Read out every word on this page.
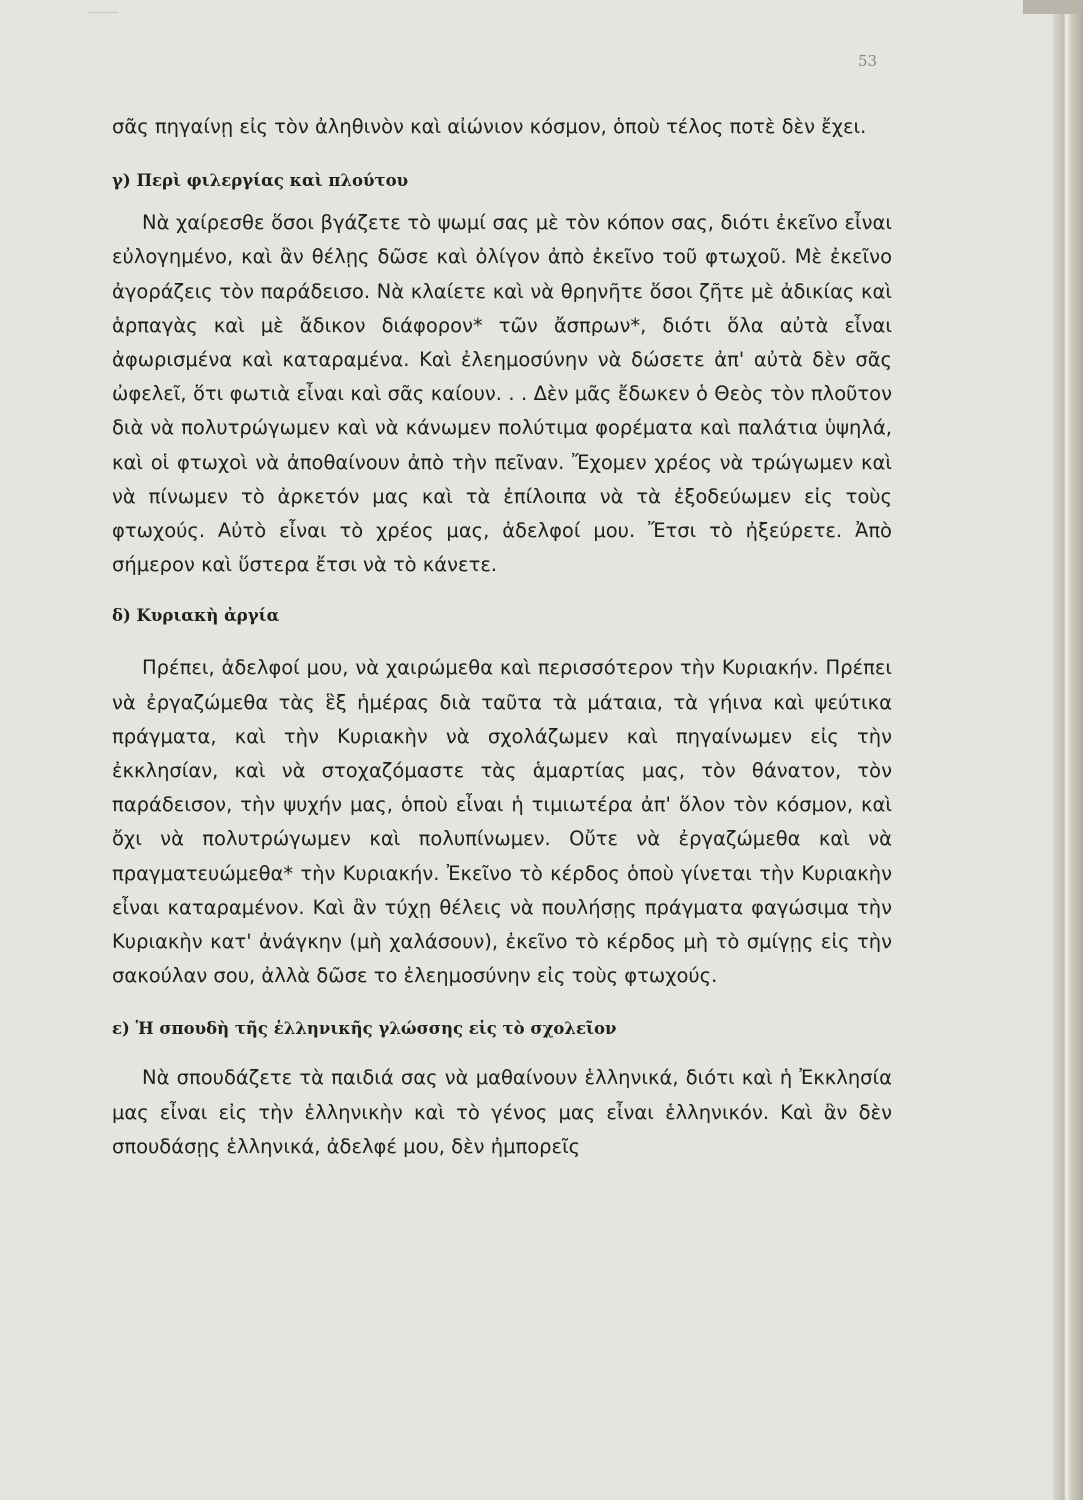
53

σᾶς πηγαίνῃ εἰς τὸν ἀληθινὸν καὶ αἰώνιον κόσμον, ὁποὺ τέλος ποτὲ δὲν ἔχει.

γ) Περὶ φιλεργίας καὶ πλούτου

Νὰ χαίρεσθε ὅσοι βγάζετε τὸ ψωμί σας μὲ τὸν κόπον σας, διότι ἐκεῖνο εἶναι εὐλογημένο, καὶ ἂν θέλῃς δῶσε καὶ ὀλίγον ἀπὸ ἐκεῖνο τοῦ φτωχοῦ. Μὲ ἐκεῖνο ἀγοράζεις τὸν παράδεισο. Νὰ κλαίετε καὶ νὰ θρηνῆτε ὅσοι ζῆτε μὲ ἀδικίας καὶ ἁρπαγὰς καὶ μὲ ἄδικον διάφορον* τῶν ἄσπρων*, διότι ὅλα αὐτὰ εἶναι ἀφωρισμένα καὶ καταραμένα. Καὶ ἐλεημοσύνην νὰ δώσετε ἀπ' αὐτὰ δὲν σᾶς ὠφελεῖ, ὅτι φωτιὰ εἶναι καὶ σᾶς καίουν. . . Δὲν μᾶς ἔδωκεν ὁ Θεὸς τὸν πλοῦτον διὰ νὰ πολυτρώγωμεν καὶ νὰ κάνωμεν πολύτιμα φορέματα καὶ παλάτια ὑψηλά, καὶ οἱ φτωχοὶ νὰ ἀποθαίνουν ἀπὸ τὴν πεῖναν. Ἔχομεν χρέος νὰ τρώγωμεν καὶ νὰ πίνωμεν τὸ ἀρκετόν μας καὶ τὰ ἐπίλοιπα νὰ τὰ ἐξοδεύωμεν εἰς τοὺς φτωχούς. Αὐτὸ εἶναι τὸ χρέος μας, ἀδελφοί μου. Ἔτσι τὸ ἠξεύρετε. Ἀπὸ σήμερον καὶ ὕστερα ἔτσι νὰ τὸ κάνετε.

δ) Κυριακὴ ἀργία

Πρέπει, ἀδελφοί μου, νὰ χαιρώμεθα καὶ περισσότερον τὴν Κυριακήν. Πρέπει νὰ ἐργαζώμεθα τὰς ἓξ ἡμέρας διὰ ταῦτα τὰ μάταια, τὰ γήινα καὶ ψεύτικα πράγματα, καὶ τὴν Κυριακὴν νὰ σχολάζωμεν καὶ πηγαίνωμεν εἰς τὴν ἐκκλησίαν, καὶ νὰ στοχαζόμαστε τὰς ἁμαρτίας μας, τὸν θάνατον, τὸν παράδεισον, τὴν ψυχήν μας, ὁποὺ εἶναι ἡ τιμιωτέρα ἀπ' ὅλον τὸν κόσμον, καὶ ὄχι νὰ πολυτρώγωμεν καὶ πολυπίνωμεν. Οὔτε νὰ ἐργαζώμεθα καὶ νὰ πραγματευώμεθα* τὴν Κυριακήν. Ἐκεῖνο τὸ κέρδος ὁποὺ γίνεται τὴν Κυριακὴν εἶναι καταραμένον. Καὶ ἂν τύχῃ θέλεις νὰ πουλήσῃς πράγματα φαγώσιμα τὴν Κυριακὴν κατ' ἀνάγκην (μὴ χαλάσουν), ἐκεῖνο τὸ κέρδος μὴ τὸ σμίγῃς εἰς τὴν σακούλαν σου, ἀλλὰ δῶσε το ἐλεημοσύνην εἰς τοὺς φτωχούς.

ε) Ἡ σπουδὴ τῆς ἑλληνικῆς γλώσσης εἰς τὸ σχολεῖον

Νὰ σπουδάζετε τὰ παιδιά σας νὰ μαθαίνουν ἑλληνικά, διότι καὶ ἡ Ἐκκλησία μας εἶναι εἰς τὴν ἑλληνικὴν καὶ τὸ γένος μας εἶναι ἑλληνικόν. Καὶ ἂν δὲν σπουδάσῃς ἑλληνικά, ἀδελφέ μου, δὲν ἠμπορεῖς
